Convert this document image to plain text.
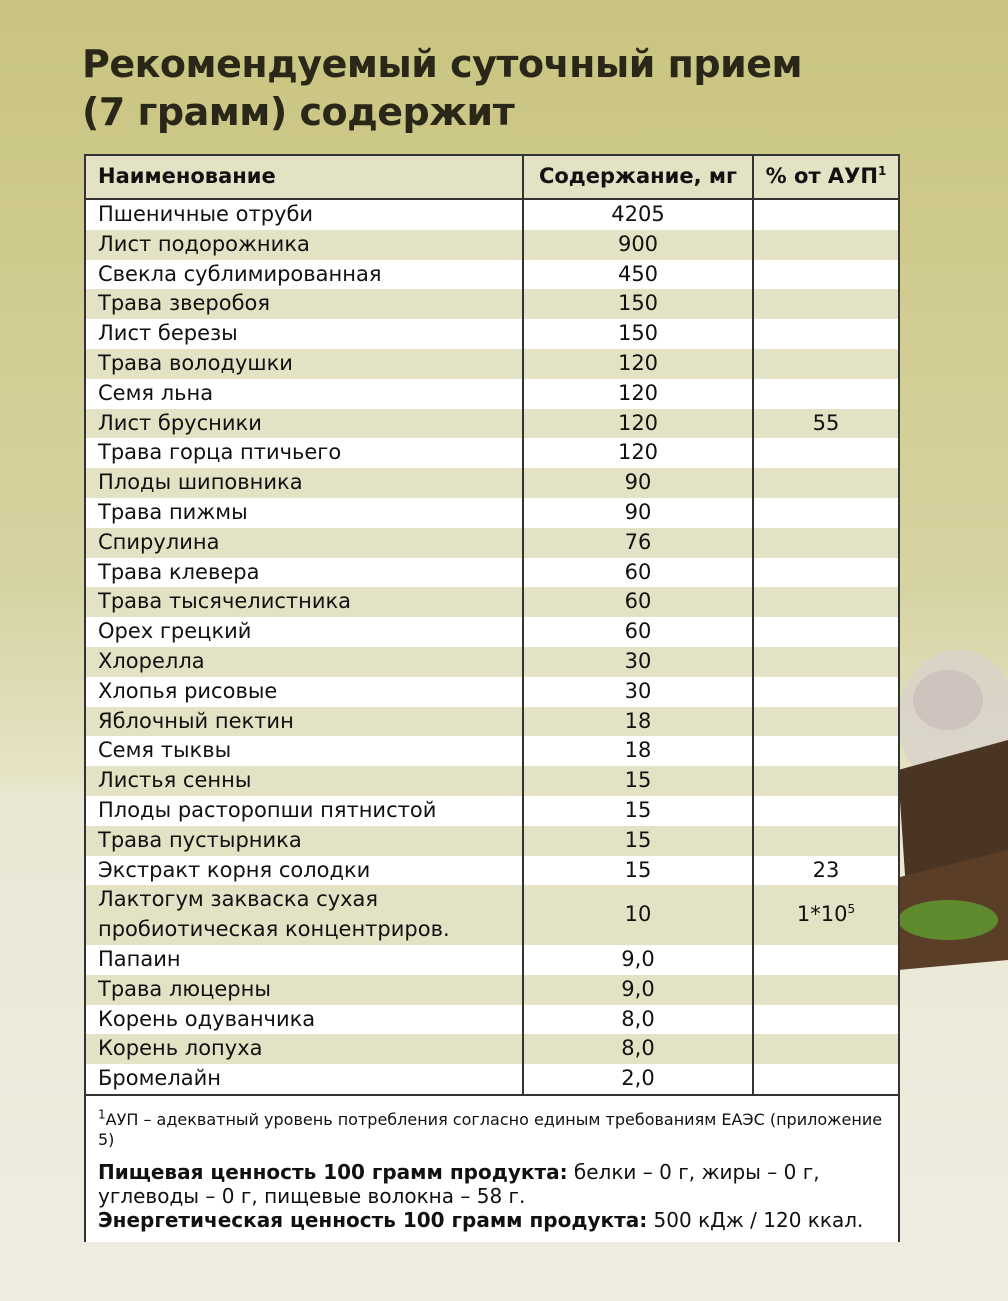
Рекомендуемый суточный прием
(7 грамм) содержит
Наименование	Содержание, мг	% от АУП$^1$
Пшеничные отруби	4205	
Лист подорожника	900	
Свекла сублимированная	450	
Трава зверобоя	150	
Лист березы	150	
Трава володушки	120	
Семя льна	120	
Лист брусники	120	55
Трава горца птичьего	120	
Плоды шиповника	90	
Трава пижмы	90	
Спирулина	76	
Трава клевера	60	
Трава тысячелистника	60	
Орех грецкий	60	
Хлорелла	30	
Хлопья рисовые	30	
Яблочный пектин	18	
Семя тыквы	18	
Листья сенны	15	
Плоды расторопши пятнистой	15	
Трава пустырника	15	
Экстракт корня солодки	15	23
Лактогум закваска сухая
пробиотическая концентриров.	10	$1*10^5$
Папаин	9,0	
Трава люцерны	9,0	
Корень одуванчика	8,0	
Корень лопуха	8,0	
Бромелайн	2,0	
$^1$АУП – адекватный уровень потребления согласно единым требованиям ЕАЭС (приложение 5)
Пищевая ценность 100 грамм продукта: белки – 0 г, жиры – 0 г, углеводы – 0 г, пищевые волокна – 58 г.
Энергетическая ценность 100 грамм продукта: 500 кДж / 120 ккал.
